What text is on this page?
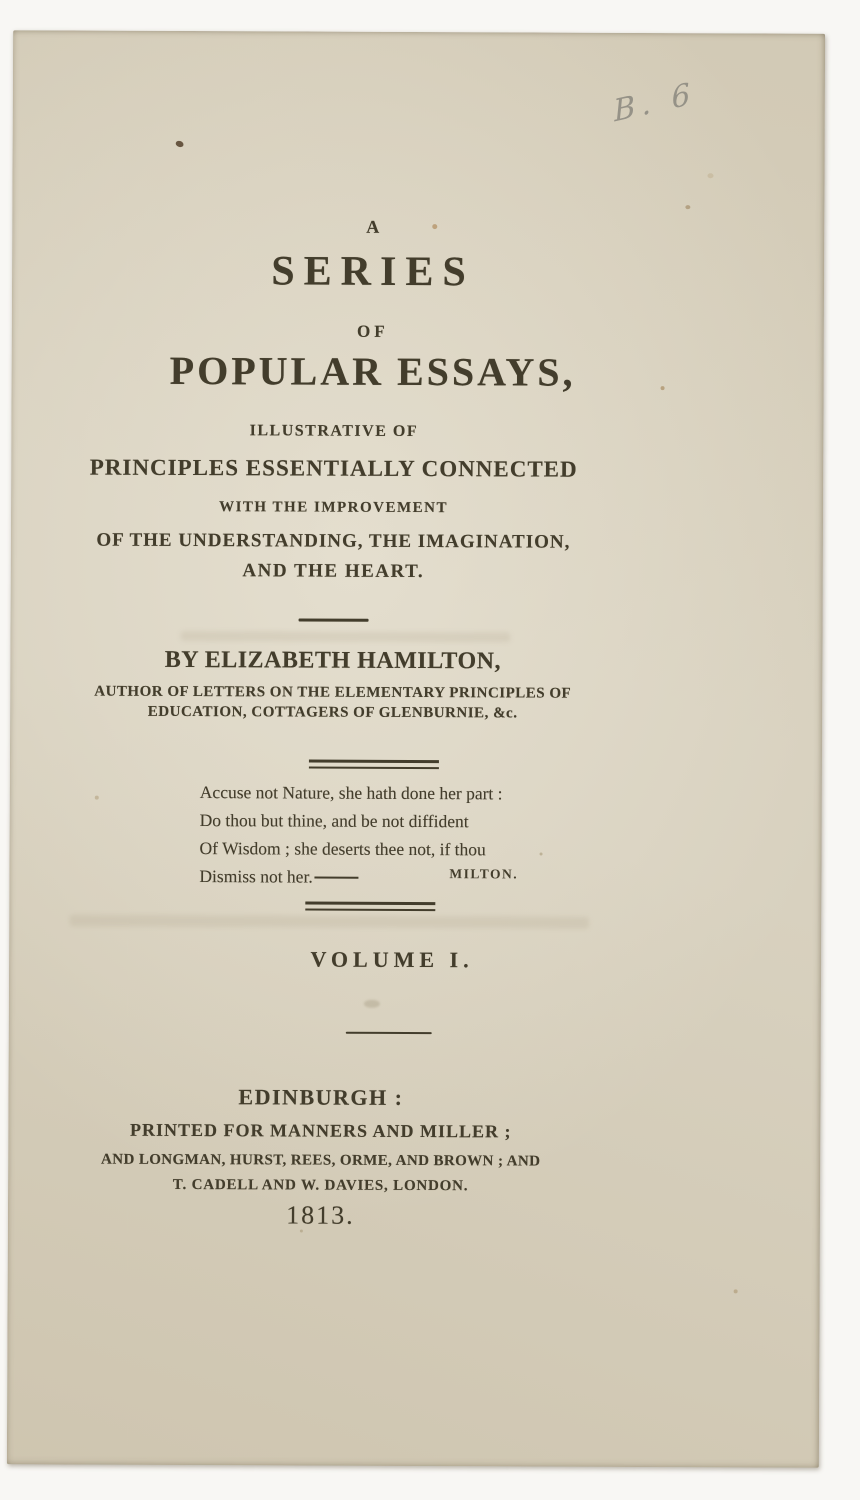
B. 6
A
SERIES
OF
POPULAR ESSAYS,
ILLUSTRATIVE OF
PRINCIPLES ESSENTIALLY CONNECTED
WITH THE IMPROVEMENT
OF THE UNDERSTANDING, THE IMAGINATION,
AND THE HEART.
BY ELIZABETH HAMILTON,
AUTHOR OF LETTERS ON THE ELEMENTARY PRINCIPLES OF
EDUCATION, COTTAGERS OF GLENBURNIE, &c.
Accuse not Nature, she hath done her part :
Do thou but thine, and be not diffident
Of Wisdom ; she deserts thee not, if thou
Dismiss not her.	MILTON.
VOLUME I.
EDINBURGH :
PRINTED FOR MANNERS AND MILLER ;
AND LONGMAN, HURST, REES, ORME, AND BROWN ; AND
T. CADELL AND W. DAVIES, LONDON.
1813.
